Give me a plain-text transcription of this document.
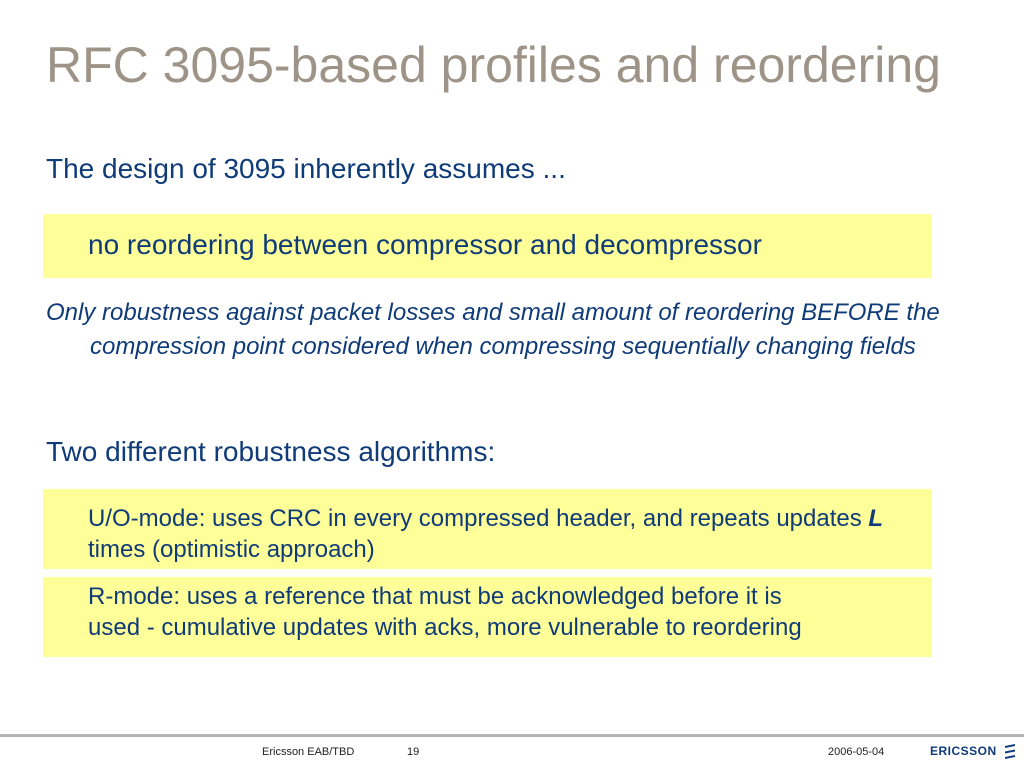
RFC 3095-based profiles and reordering
The design of 3095 inherently assumes ...
no reordering between compressor and decompressor

Only robustness against packet losses and small amount of reordering BEFORE the compression point considered when compressing sequentially changing fields

Two different robustness algorithms:
U/O-mode: uses CRC in every compressed header, and repeats updates L times (optimistic approach)
R-mode: uses a reference that must be acknowledged before it is
used - cumulative updates with acks, more vulnerable to reordering
Ericsson EAB/TBD	19	2006-05-04	ERICSSON
